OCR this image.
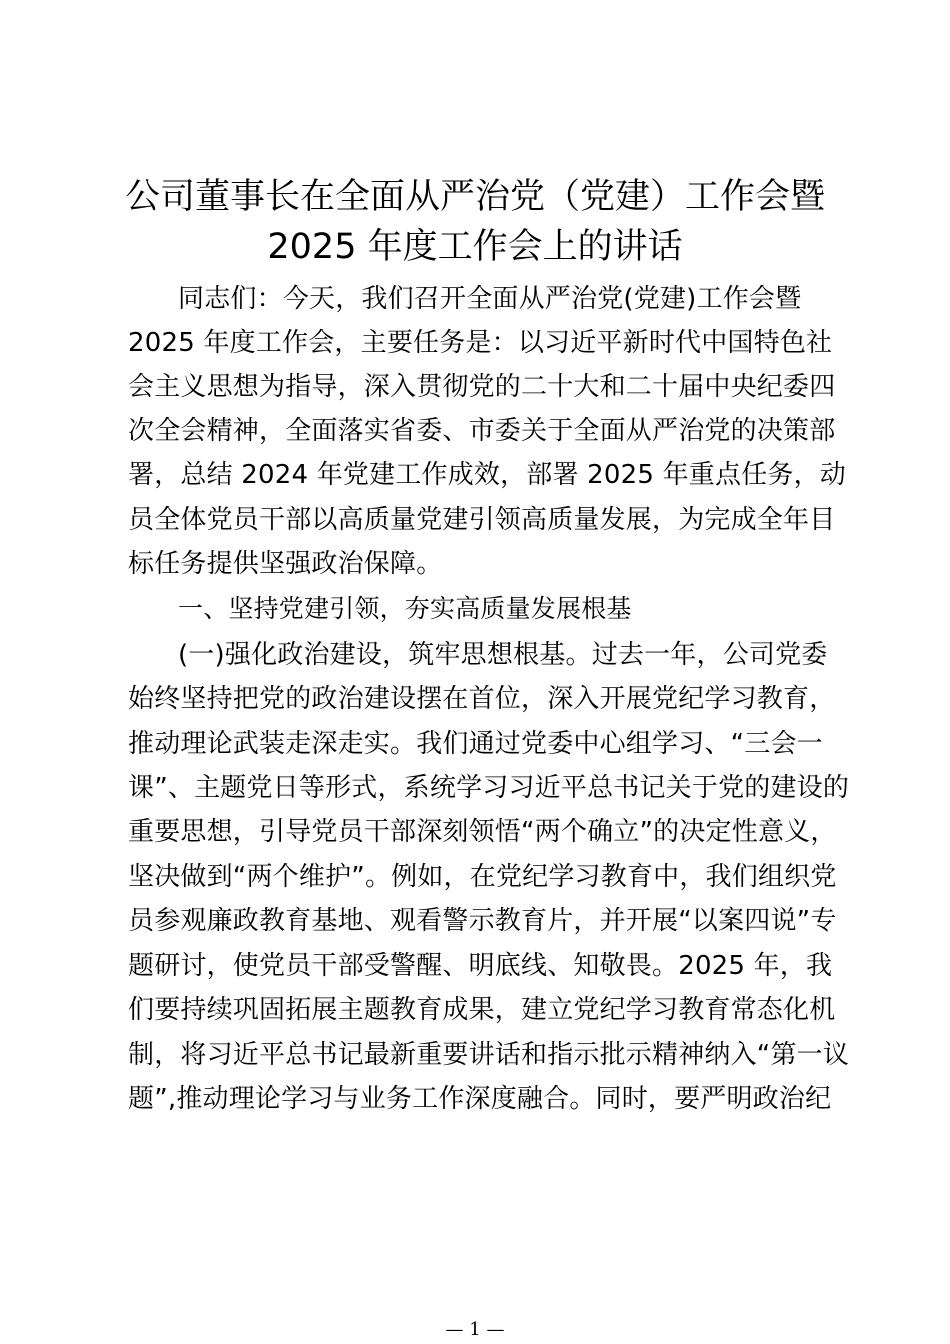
公司董事长在全面从严治党（党建）工作会暨
2025 年度工作会上的讲话
同志们：今天，我们召开全面从严治党(党建)工作会暨
2025 年度工作会，主要任务是：以习近平新时代中国特色社
会主义思想为指导，深入贯彻党的二十大和二十届中央纪委四
次全会精神，全面落实省委、市委关于全面从严治党的决策部
署，总结 2024 年党建工作成效，部署 2025 年重点任务，动
员全体党员干部以高质量党建引领高质量发展，为完成全年目
标任务提供坚强政治保障。
一、坚持党建引领，夯实高质量发展根基
(一)强化政治建设，筑牢思想根基。过去一年，公司党委
始终坚持把党的政治建设摆在首位，深入开展党纪学习教育，
推动理论武装走深走实。我们通过党委中心组学习、“三会一
课”、主题党日等形式，系统学习习近平总书记关于党的建设的
重要思想，引导党员干部深刻领悟“两个确立”的决定性意义，
坚决做到“两个维护”。例如，在党纪学习教育中，我们组织党
员参观廉政教育基地、观看警示教育片，并开展“以案四说”专
题研讨，使党员干部受警醒、明底线、知敬畏。2025 年，我
们要持续巩固拓展主题教育成果，建立党纪学习教育常态化机
制，将习近平总书记最新重要讲话和指示批示精神纳入“第一议
题”,推动理论学习与业务工作深度融合。同时，要严明政治纪
— 1 —
